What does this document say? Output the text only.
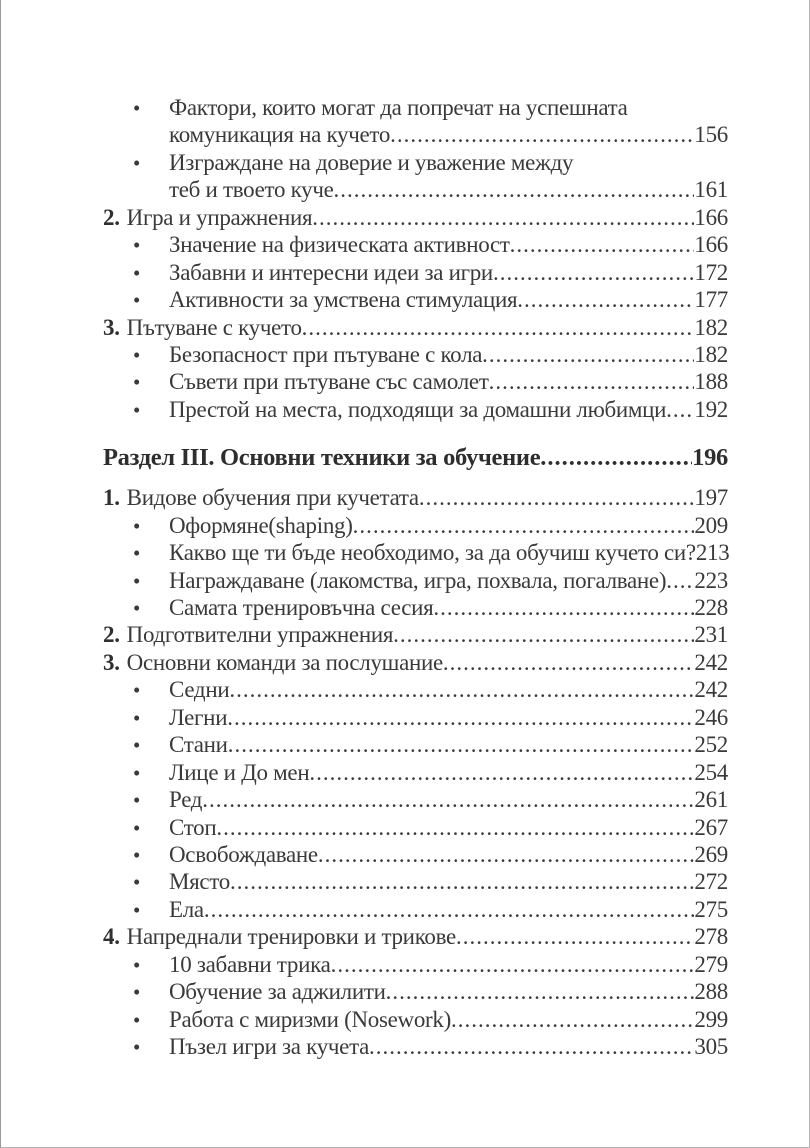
•	Фактори, които могат да попречат на успешната
комуникация на кучето .....	156
•	Изграждане на доверие и уважение между
теб и твоето куче .....	161
2. Игра и упражнения .....	166
•	Значение на физическата активност .....	166
•	Забавни и интересни идеи за игри .....	172
•	Активности за умствена стимулация .....	177
3. Пътуване с кучето .....	182
•	Безопасност при пътуване с кола .....	182
•	Съвети при пътуване със самолет .....	188
•	Престой на места, подходящи за домашни любимци ..... 192
Раздел III. Основни техники за обучение .....	196
1. Видове обучения при кучетата .....	197
•	Оформяне(shaping) .....	209
•	Какво ще ти бъде необходимо, за да обучиш кучето си? 213
•	Награждаване (лакомства, игра, похвала, погалване) ..... 223
•	Самата тренировъчна сесия .....	228
2. Подготвителни упражнения .....	231
3. Основни команди за послушание .....	242
•	Седни .....	242
•	Легни .....	246
•	Стани .....	252
•	Лице и До мен .....	254
•	Ред .....	261
•	Стоп .....	267
•	Освобождаване .....	269
•	Място .....	272
•	Ела .....	275
4. Напреднали тренировки и трикове .....	278
•	10 забавни трика .....	279
•	Обучение за аджилити .....	288
•	Работа с миризми (Nosework) .....	299
•	Пъзел игри за кучета .....	305
